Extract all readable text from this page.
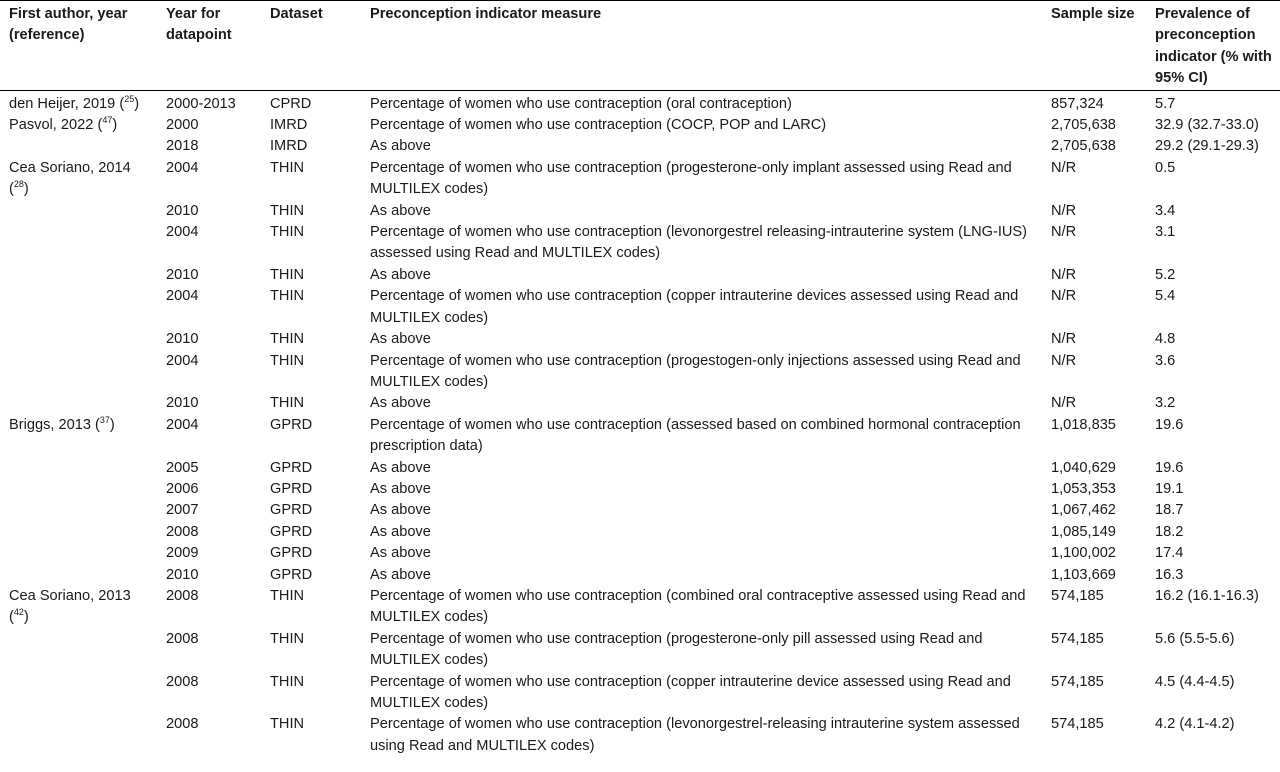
First author, year (reference)	Year for datapoint	Dataset	Preconception indicator measure	Sample size	Prevalence of preconception indicator (% with 95% CI)
den Heijer, 2019 ($^{25}$)	2000-2013	CPRD	Percentage of women who use contraception (oral contraception)	857,324	5.7
Pasvol, 2022 ($^{47}$)	2000	IMRD	Percentage of women who use contraception (COCP, POP and LARC)	2,705,638	32.9 (32.7-33.0)
	2018	IMRD	As above	2,705,638	29.2 (29.1-29.3)
Cea Soriano, 2014 ($^{28}$)	2004	THIN	Percentage of women who use contraception (progesterone-only implant assessed using Read and MULTILEX codes)	N/R	0.5
	2010	THIN	As above	N/R	3.4
	2004	THIN	Percentage of women who use contraception (levonorgestrel releasing-intrauterine system (LNG-IUS) assessed using Read and MULTILEX codes)	N/R	3.1
	2010	THIN	As above	N/R	5.2
	2004	THIN	Percentage of women who use contraception (copper intrauterine devices assessed using Read and MULTILEX codes)	N/R	5.4
	2010	THIN	As above	N/R	4.8
	2004	THIN	Percentage of women who use contraception (progestogen-only injections assessed using Read and MULTILEX codes)	N/R	3.6
	2010	THIN	As above	N/R	3.2
Briggs, 2013 ($^{37}$)	2004	GPRD	Percentage of women who use contraception (assessed based on combined hormonal contraception prescription data)	1,018,835	19.6
	2005	GPRD	As above	1,040,629	19.6
	2006	GPRD	As above	1,053,353	19.1
	2007	GPRD	As above	1,067,462	18.7
	2008	GPRD	As above	1,085,149	18.2
	2009	GPRD	As above	1,100,002	17.4
	2010	GPRD	As above	1,103,669	16.3
Cea Soriano, 2013 ($^{42}$)	2008	THIN	Percentage of women who use contraception (combined oral contraceptive assessed using Read and MULTILEX codes)	574,185	16.2 (16.1-16.3)
	2008	THIN	Percentage of women who use contraception (progesterone-only pill assessed using Read and MULTILEX codes)	574,185	5.6 (5.5-5.6)
	2008	THIN	Percentage of women who use contraception (copper intrauterine device assessed using Read and MULTILEX codes)	574,185	4.5 (4.4-4.5)
	2008	THIN	Percentage of women who use contraception (levonorgestrel-releasing intrauterine system assessed using Read and MULTILEX codes)	574,185	4.2 (4.1-4.2)
